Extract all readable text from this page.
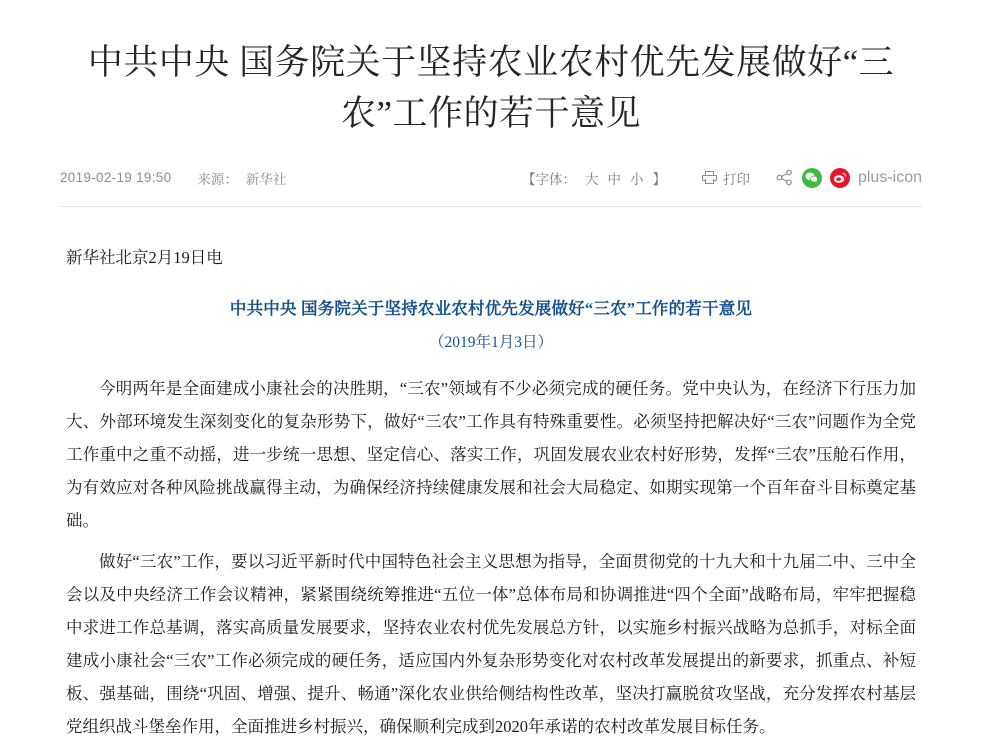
中共中央 国务院关于坚持农业农村优先发展做好“三农”工作的若干意见
2019-02-19 19:50 来源： 新华社	【字体： 大 中 小 】	打印	plus-icon

新华社北京2月19日电

中共中央 国务院关于坚持农业农村优先发展做好“三农”工作的若干意见

（2019年1月3日）

今明两年是全面建成小康社会的决胜期，“三农”领域有不少必须完成的硬任务。党中央认为，在经济下行压力加大、外部环境发生深刻变化的复杂形势下，做好“三农”工作具有特殊重要性。必须坚持把解决好“三农”问题作为全党工作重中之重不动摇，进一步统一思想、坚定信心、落实工作，巩固发展农业农村好形势，发挥“三农”压舱石作用，为有效应对各种风险挑战赢得主动，为确保经济持续健康发展和社会大局稳定、如期实现第一个百年奋斗目标奠定基础。

做好“三农”工作，要以习近平新时代中国特色社会主义思想为指导，全面贯彻党的十九大和十九届二中、三中全会以及中央经济工作会议精神，紧紧围绕统筹推进“五位一体”总体布局和协调推进“四个全面”战略布局，牢牢把握稳中求进工作总基调，落实高质量发展要求，坚持农业农村优先发展总方针，以实施乡村振兴战略为总抓手，对标全面建成小康社会“三农”工作必须完成的硬任务，适应国内外复杂形势变化对农村改革发展提出的新要求，抓重点、补短板、强基础，围绕“巩固、增强、提升、畅通”深化农业供给侧结构性改革，坚决打赢脱贫攻坚战，充分发挥农村基层党组织战斗堡垒作用，全面推进乡村振兴，确保顺利完成到2020年承诺的农村改革发展目标任务。
